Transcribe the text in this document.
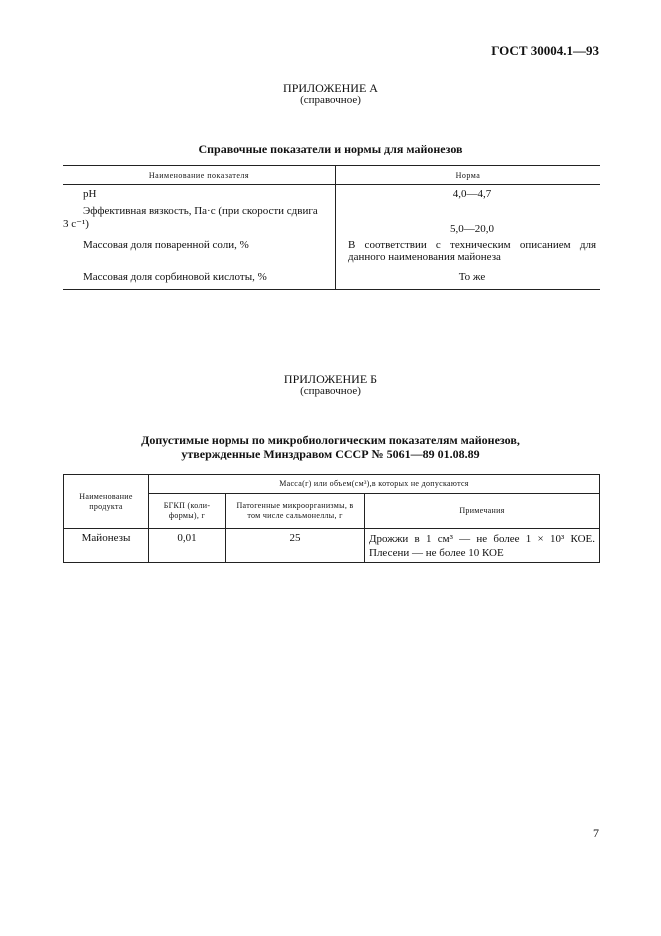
ГОСТ 30004.1—93
ПРИЛОЖЕНИЕ А
(справочное)
Справочные показатели и нормы для майонезов
Наименование показателя	Норма

pH	4,0—4,7

Эффективная вязкость, Па·с (при скорости сдвига
3 с⁻¹)	5,0—20,0

Массовая доля поваренной соли, %	В соответствии с техническим описанием для данного наименования майонеза

Массовая доля сорбиновой кислоты, %	То же
ПРИЛОЖЕНИЕ Б
(справочное)
Допустимые нормы по микробиологическим показателям майонезов,
утвержденные Минздравом СССР № 5061—89 01.08.89
Наименование продукта	Масса(г) или объем(см³),в которых не допускаются		
	БГКП (коли-формы), г	Патогенные микроорганизмы, в том числе сальмонеллы, г	Примечания
Майонезы	0,01	25	Дрожжи в 1 см³ — не более 1 × 10³ КОЕ.
Плесени — не более 10 КОЕ
7
